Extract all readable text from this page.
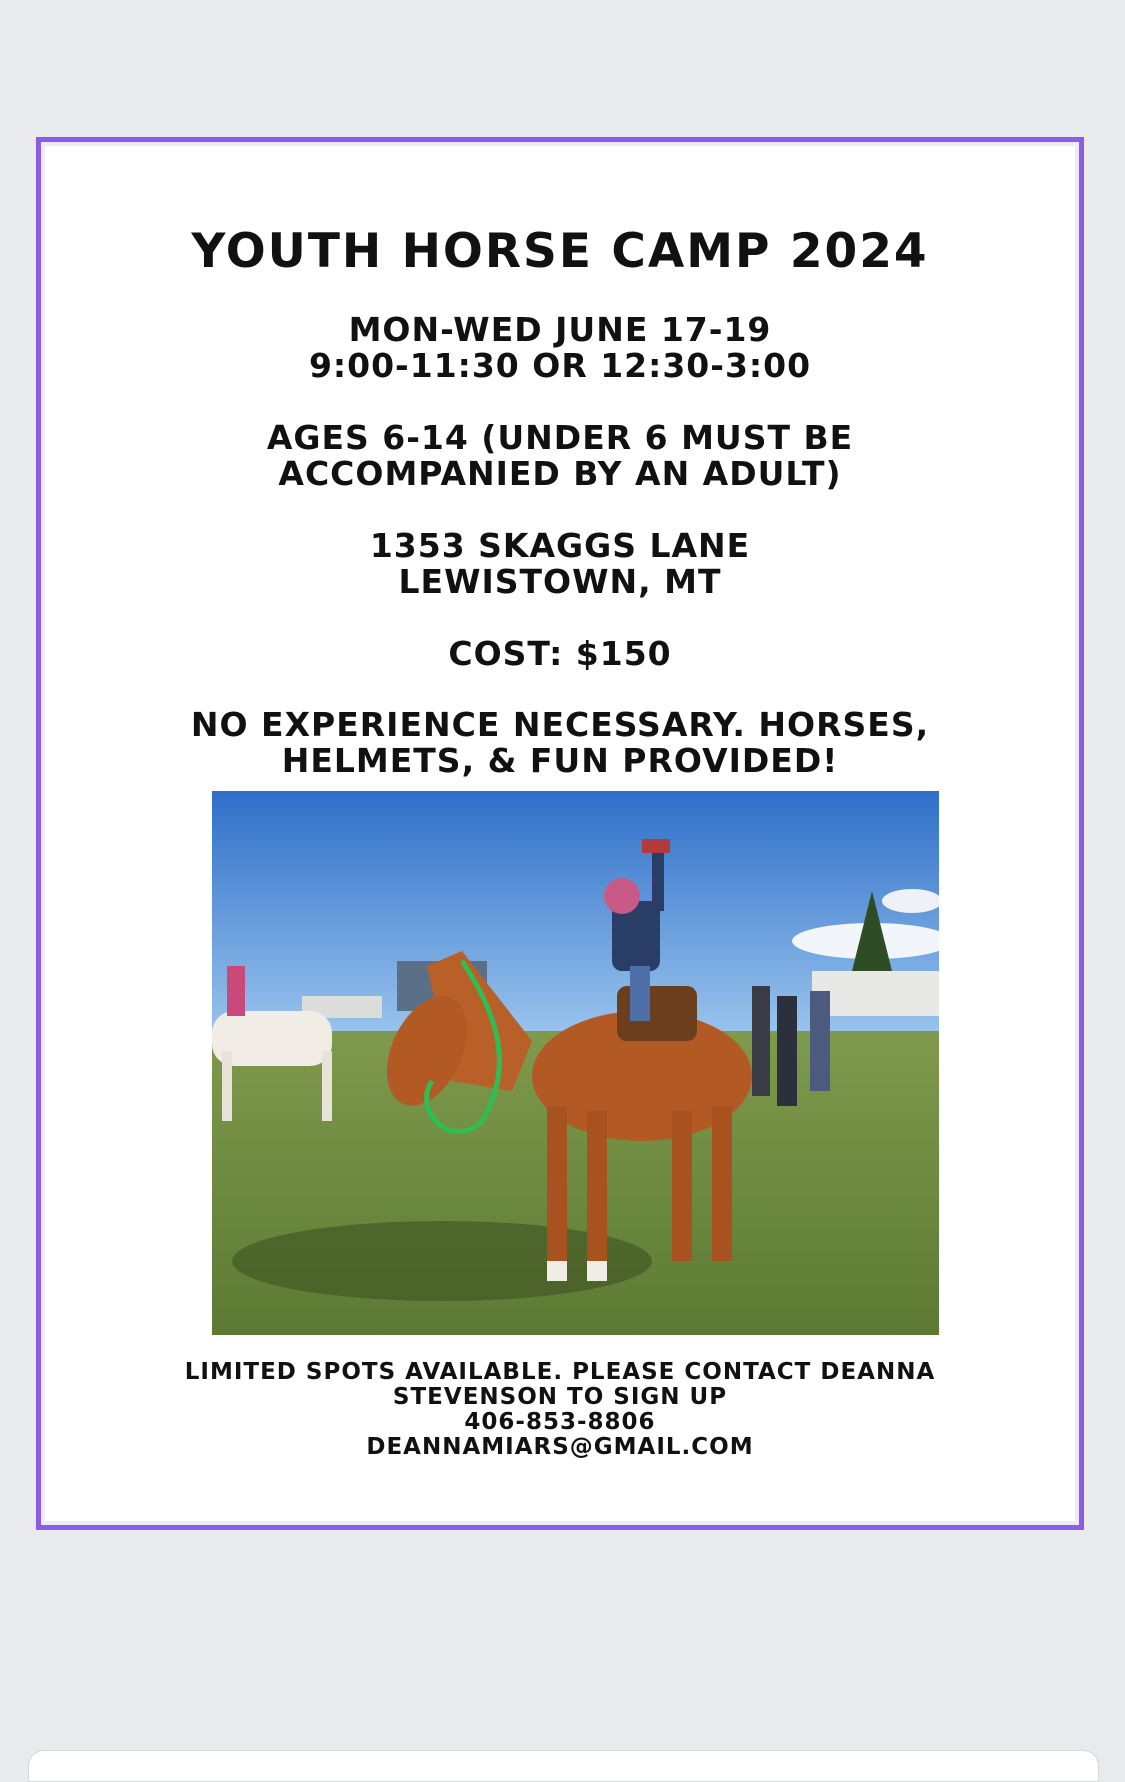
YOUTH HORSE CAMP 2024
MON-WED JUNE 17-19
9:00-11:30 OR 12:30-3:00
AGES 6-14 (UNDER 6 MUST BE
ACCOMPANIED BY AN ADULT)
1353 SKAGGS LANE
LEWISTOWN, MT
COST: $150
NO EXPERIENCE NECESSARY. HORSES,
HELMETS, & FUN PROVIDED!
LIMITED SPOTS AVAILABLE. PLEASE CONTACT DEANNA
STEVENSON TO SIGN UP
406-853-8806
DEANNAMIARS@GMAIL.COM
